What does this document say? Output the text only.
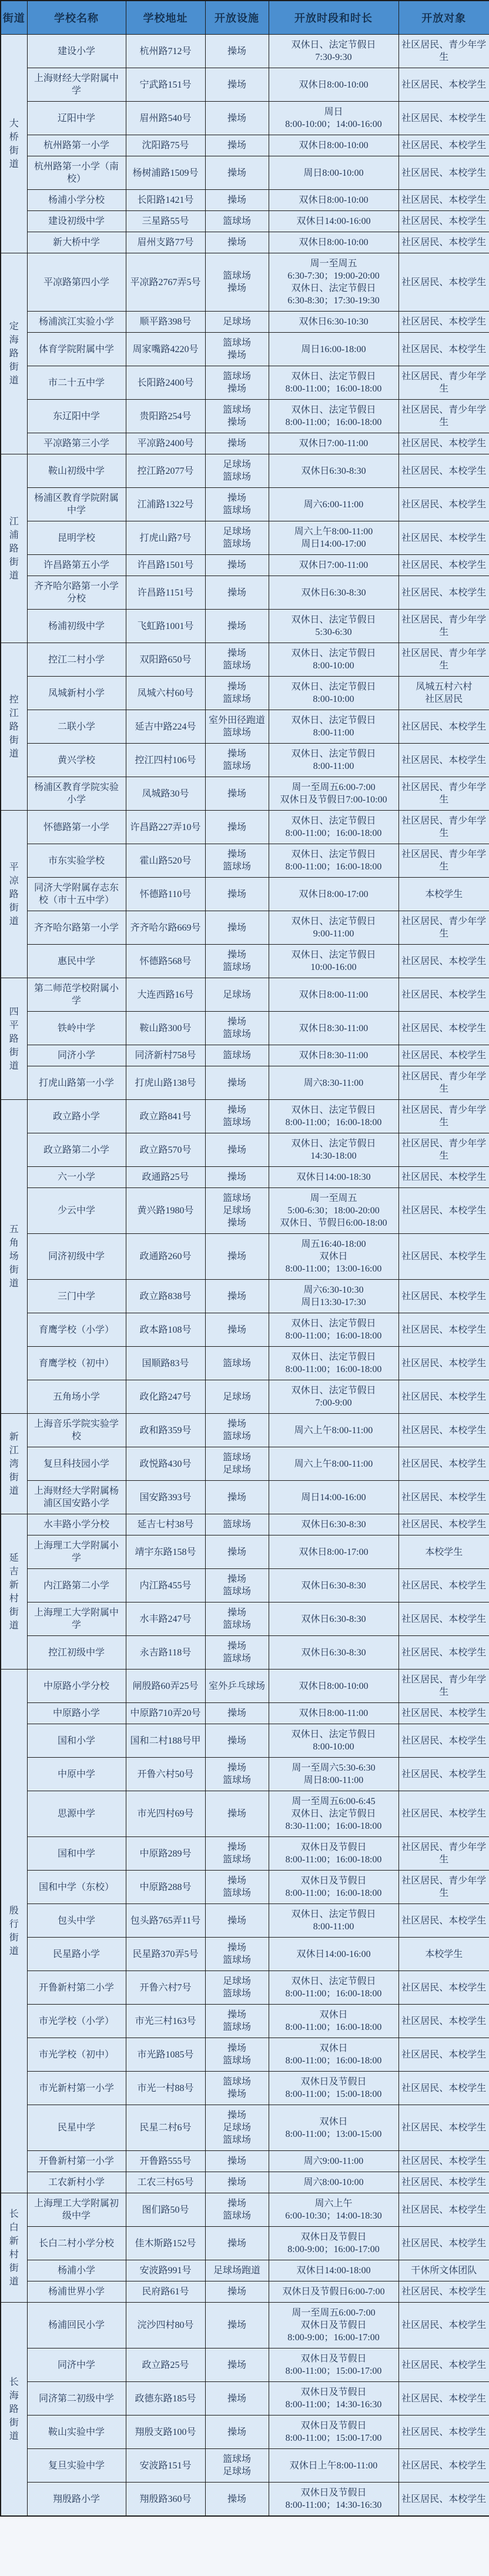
街道	学校名称	学校地址	开放设施	开放时段和时长	开放对象
大桥街道	建设小学	杭州路712号	操场	双休日、法定节假日
7:30-9:30	社区居民、青少年学生

	上海财经大学附属中学	宁武路151号	操场	双休日8:00-10:00	社区居民、本校学生

	辽阳中学	眉州路540号	操场	周日
8:00-10:00；14:00-16:00	社区居民、本校学生

	杭州路第一小学	沈阳路75号	操场	双休日8:00-10:00	社区居民、本校学生

	杭州路第一小学（南校）	杨树浦路1509号	操场	周日8:00-10:00	社区居民、本校学生

	杨浦小学分校	长阳路1421号	操场	双休日8:00-10:00	社区居民、本校学生

	建设初级中学	三星路55号	篮球场	双休日14:00-16:00	社区居民、本校学生

	新大桥中学	眉州支路77号	操场	双休日8:00-10:00	社区居民、本校学生

定海路街道	平凉路第四小学	平凉路2767弄5号	篮球场
操场	周一至周五
6:30-7:30；19:00-20:00
双休日、法定节假日
6:30-8:30；17:30-19:30	社区居民、本校学生

	杨浦滨江实验小学	顺平路398号	足球场	双休日6:30-10:30	社区居民、本校学生

	体育学院附属中学	周家嘴路4220号	篮球场
操场	周日16:00-18:00	社区居民、本校学生

	市二十五中学	长阳路2400号	篮球场
操场	双休日、法定节假日
8:00-11:00；16:00-18:00	社区居民、青少年学生

	东辽阳中学	贵阳路254号	篮球场
操场	双休日、法定节假日
8:00-11:00；16:00-18:00	社区居民、青少年学生

	平凉路第三小学	平凉路2400号	操场	双休日7:00-11:00	社区居民、本校学生

江浦路街道	鞍山初级中学	控江路2077号	足球场
篮球场	双休日6:30-8:30	社区居民、本校学生

	杨浦区教育学院附属中学	江浦路1322号	操场
篮球场	周六6:00-11:00	社区居民、本校学生

	昆明学校	打虎山路7号	足球场
篮球场	周六上午8:00-11:00
周日14:00-17:00	社区居民、本校学生

	许昌路第五小学	许昌路1501号	操场	双休日7:00-11:00	社区居民、本校学生

	齐齐哈尔路第一小学分校	许昌路1151号	操场	双休日6:30-8:30	社区居民、本校学生

	杨浦初级中学	飞虹路1001号	操场	双休日、法定节假日
5:30-6:30	社区居民、青少年学生

控江路街道	控江二村小学	双阳路650号	操场
篮球场	双休日、法定节假日
8:00-10:00	社区居民、青少年学生

	凤城新村小学	凤城六村60号	操场
篮球场	双休日、法定节假日
8:00-10:00	凤城五村六村
社区居民

	二联小学	延吉中路224号	室外田径跑道
篮球场	双休日、法定节假日
8:00-11:00	社区居民、本校学生

	黄兴学校	控江四村106号	操场
篮球场	双休日、法定节假日
8:00-11:00	社区居民、本校学生

	杨浦区教育学院实验小学	凤城路30号	操场	周一至周五6:00-7:00
双休日及节假日7:00-10:00	社区居民、青少年学生

平凉路街道	怀德路第一小学	许昌路227弄10号	操场	双休日、法定节假日
8:00-11:00；16:00-18:00	社区居民、青少年学生

	市东实验学校	霍山路520号	操场
篮球场	双休日、法定节假日
8:00-11:00；16:00-18:00	社区居民、青少年学生

	同济大学附属存志东校（市十五中学）	怀德路110号	操场	双休日8:00-17:00	本校学生

	齐齐哈尔路第一小学	齐齐哈尔路669号	操场	双休日、法定节假日
9:00-11:00	社区居民、青少年学生

	惠民中学	怀德路568号	操场
篮球场	双休日、法定节假日
10:00-16:00	社区居民、本校学生

四平路街道	第二师范学校附属小学	大连西路16号	足球场	双休日8:00-11:00	社区居民、本校学生

	铁岭中学	鞍山路300号	操场
篮球场	双休日8:30-11:00	社区居民、本校学生

	同济小学	同济新村758号	篮球场	双休日8:30-11:00	社区居民、本校学生

	打虎山路第一小学	打虎山路138号	操场	周六8:30-11:00	社区居民、青少年学生

五角场街道	政立路小学	政立路841号	操场
篮球场	双休日、法定节假日
8:00-11:00；16:00-18:00	社区居民、青少年学生

	政立路第二小学	政立路570号	操场	双休日、法定节假日
14:30-18:00	社区居民、青少年学生

	六一小学	政通路25号	操场	双休日14:00-18:30	社区居民、本校学生

	少云中学	黄兴路1980号	篮球场
足球场
操场	周一至周五
5:00-6:30；18:00-20:00
双休日、节假日6:00-18:00	社区居民、本校学生

	同济初级中学	政通路260号	操场	周五16:40-18:00
双休日
8:00-11:00；13:00-16:00	社区居民、本校学生

	三门中学	政立路838号	操场	周六6:30-10:30
周日13:30-17:30	社区居民、本校学生

	育鹰学校（小学）	政本路108号	操场	双休日、法定节假日
8:00-11:00；16:00-18:00	社区居民、本校学生

	育鹰学校（初中）	国顺路83号	篮球场	双休日、法定节假日
8:00-11:00；16:00-18:00	社区居民、本校学生

	五角场小学	政化路247号	足球场	双休日、法定节假日
7:00-9:00	社区居民、本校学生

新江湾街道	上海音乐学院实验学校	政和路359号	操场
篮球场	周六上午8:00-11:00	社区居民、本校学生

	复旦科技园小学	政悦路430号	篮球场
足球场	周六上午8:00-11:00	社区居民、本校学生

	上海财经大学附属杨浦区国安路小学	国安路393号	操场	周日14:00-16:00	社区居民、本校学生

延吉新村街道	水丰路小学分校	延吉七村38号	篮球场	双休日6:30-8:30	社区居民、本校学生

	上海理工大学附属小学	靖宇东路158号	操场	双休日8:00-17:00	本校学生

	内江路第二小学	内江路455号	操场
篮球场	双休日6:30-8:30	社区居民、本校学生

	上海理工大学附属中学	水丰路247号	操场
篮球场	双休日6:30-8:30	社区居民、本校学生

	控江初级中学	永吉路118号	操场
篮球场	双休日6:30-8:30	社区居民、本校学生

殷行街道	中原路小学分校	闸殷路60弄25号	室外乒乓球场	双休日8:00-10:00	社区居民、青少年学生

	中原路小学	中原路710弄20号	操场	双休日8:00-11:00	社区居民、本校学生

	国和小学	国和二村188号甲	操场	双休日、法定节假日
8:00-10:00	社区居民、本校学生

	中原中学	开鲁六村50号	操场
篮球场	周一至周六5:30-6:30
周日8:00-11:00	社区居民、本校学生

	思源中学	市光四村69号	操场	周一至周五6:00-6:45
双休日、法定节假日
8:30-11:00；16:00-18:00	社区居民、本校学生

	国和中学	中原路289号	操场
篮球场	双休日及节假日
8:00-11:00；16:00-18:00	社区居民、青少年学生

	国和中学（东校）	中原路288号	操场
篮球场	双休日及节假日
8:00-11:00；16:00-18:00	社区居民、青少年学生

	包头中学	包头路765弄11号	操场	双休日、法定节假日
8:00-11:00	社区居民、本校学生

	民星路小学	民星路370弄5号	操场
篮球场	双休日14:00-16:00	本校学生

	开鲁新村第二小学	开鲁六村7号	足球场
篮球场	双休日、法定节假日
8:00-11:00；16:00-18:00	社区居民、本校学生

	市光学校（小学）	市光三村163号	操场
篮球场	双休日
8:00-11:00；16:00-18:00	社区居民、本校学生

	市光学校（初中）	市光路1085号	操场
篮球场	双休日
8:00-11:00；16:00-18:00	社区居民、本校学生

	市光新村第一小学	市光一村88号	篮球场
操场	双休日及节假日
8:00-11:00；15:00-18:00	社区居民、本校学生

	民星中学	民星二村6号	操场
足球场
篮球场	双休日
8:00-11:00；13:00-15:00	社区居民、本校学生

	开鲁新村第一小学	开鲁路555号	操场	周六9:00-11:00	社区居民、本校学生

	工农新村小学	工农三村65号	操场	周六8:00-10:00	社区居民、本校学生

长白新村街道	上海理工大学附属初级中学	图们路50号	操场
篮球场	周六上午
6:00-10:30；14:00-18:30	社区居民、本校学生

	长白二村小学分校	佳木斯路152号	操场	双休日及节假日
8:00-9:00；16:00-17:00	社区居民、本校学生

	杨浦小学	安波路991号	足球场跑道	双休日14:00-18:00	干休所文体团队

	杨浦世界小学	民府路61号	操场	双休日及节假日6:00-7:00	社区居民、本校学生

长海路街道	杨浦回民小学	浣沙四村80号	操场	周一至周五6:00-7:00
双休日及节假日
8:00-9:00；16:00-17:00	社区居民、本校学生

	同济中学	政立路25号	操场	双休日及节假日
8:00-11:00；15:00-17:00	社区居民、本校学生

	同济第二初级中学	政德东路185号	操场	双休日及节假日
8:00-11:00；14:30-16:30	社区居民、本校学生

	鞍山实验中学	翔殷支路100号	操场	双休日及节假日
8:00-11:00；15:00-17:00	社区居民、本校学生

	复旦实验中学	安波路151号	篮球场
足球场	双休日上午8:00-11:00	社区居民、本校学生

	翔殷路小学	翔殷路360号	操场	双休日及节假日
8:00-11:00；14:30-16:30	社区居民、本校学生
